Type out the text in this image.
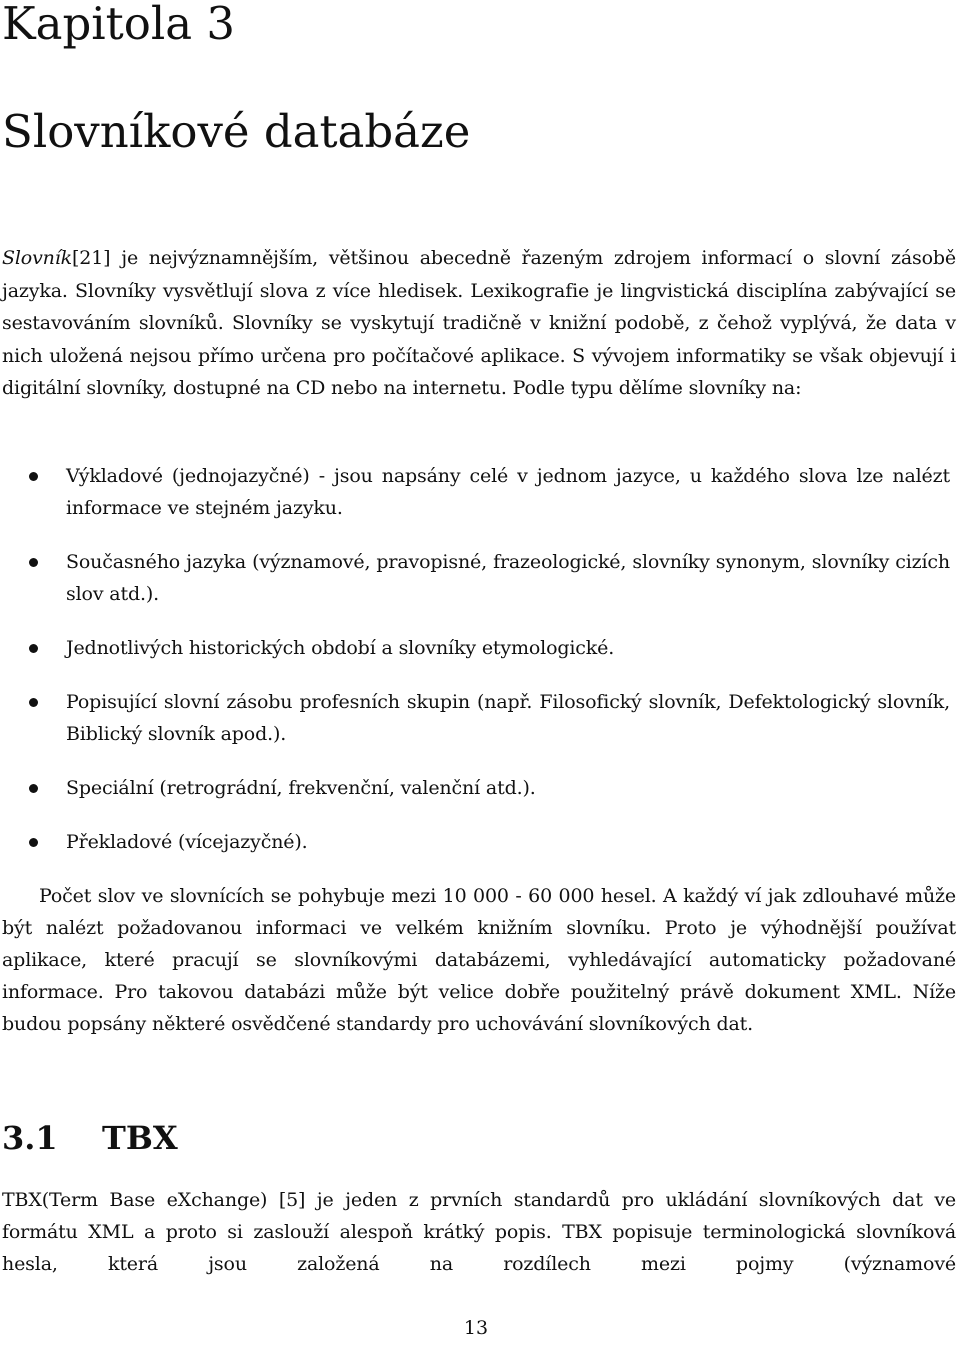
Kapitola 3
Slovníkové databáze

Slovník[21] je nejvýznamnějším, většinou abecedně řazeným zdrojem informací o slovní zásobě jazyka. Slovníky vysvětlují slova z více hledisek. Lexikografie je lingvistická disciplína zabývající se sestavováním slovníků. Slovníky se vyskytují tradičně v knižní podobě, z čehož vyplývá, že data v nich uložená nejsou přímo určena pro počítačové aplikace. S vývojem informatiky se však objevují i digitální slovníky, dostupné na CD nebo na internetu. Podle typu dělíme slovníky na:

Výkladové (jednojazyčné) - jsou napsány celé v jednom jazyce, u každého slova lze nalézt informace ve stejném jazyku.
Současného jazyka (významové, pravopisné, frazeologické, slovníky synonym, slovníky cizích slov atd.).
Jednotlivých historických období a slovníky etymologické.
Popisující slovní zásobu profesních skupin (např. Filosofický slovník, Defektologický slovník, Biblický slovník apod.).
Speciální (retrográdní, frekvenční, valenční atd.).
Překladové (vícejazyčné).

Počet slov ve slovnících se pohybuje mezi 10 000 - 60 000 hesel. A každý ví jak zdlouhavé může být nalézt požadovanou informaci ve velkém knižním slovníku. Proto je výhodnější používat aplikace, které pracují se slovníkovými databázemi, vyhledávající automaticky požadované informace. Pro takovou databázi může být velice dobře použitelný právě dokument XML. Níže budou popsány některé osvědčené standardy pro uchovávání slovníkových dat.

3.1 TBX

TBX(Term Base eXchange) [5] je jeden z prvních standardů pro ukládání slovníkových dat ve formátu XML a proto si zaslouží alespoň krátký popis. TBX popisuje terminologická slovníková hesla, která jsou založená na rozdílech mezi pojmy (významové

13
